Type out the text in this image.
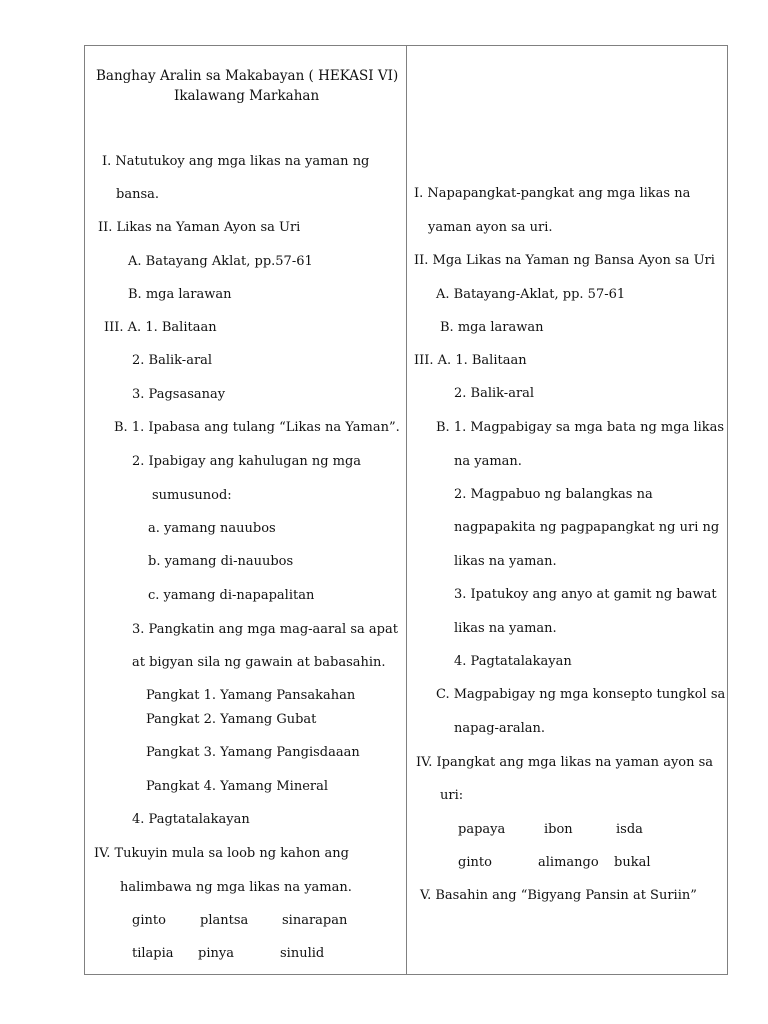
Banghay Aralin sa Makabayan ( HEKASI VI)
Ikalawang Markahan
I. Natutukoy ang mga likas na yaman ng
bansa.
II. Likas na Yaman Ayon sa Uri
A. Batayang Aklat, pp.57-61
B. mga larawan
III. A. 1. Balitaan
2. Balik-aral
3. Pagsasanay
B. 1. Ipabasa ang tulang “Likas na Yaman”.
2. Ipabigay ang kahulugan ng mga
sumusunod:
a. yamang nauubos
b. yamang di-nauubos
c. yamang di-napapalitan
3. Pangkatin ang mga mag-aaral sa apat
at bigyan sila ng gawain at babasahin.
Pangkat 1. Yamang Pansakahan
Pangkat 2. Yamang Gubat
Pangkat 3. Yamang Pangisdaaan
Pangkat 4. Yamang Mineral
4. Pagtatalakayan
IV. Tukuyin mula sa loob ng kahon ang
halimbawa ng mga likas na yaman.
ginto	plantsa	sinarapan
tilapia pinya	sinulid
I. Napapangkat-pangkat ang mga likas na
yaman ayon sa uri.
II. Mga Likas na Yaman ng Bansa Ayon sa Uri
A. Batayang-Aklat, pp. 57-61
B. mga larawan
III. A. 1. Balitaan
2. Balik-aral
B. 1. Magpabigay sa mga bata ng mga likas
na yaman.
2. Magpabuo ng balangkas na
nagpapakita ng pagpapangkat ng uri ng
likas na yaman.
3. Ipatukoy ang anyo at gamit ng bawat
likas na yaman.
4. Pagtatalakayan
C. Magpabigay ng mga konsepto tungkol sa
napag-aralan.
IV. Ipangkat ang mga likas na yaman ayon sa
uri:
papaya	ibon	isda
ginto	alimango bukal
V. Basahin ang “Bigyang Pansin at Suriin”
